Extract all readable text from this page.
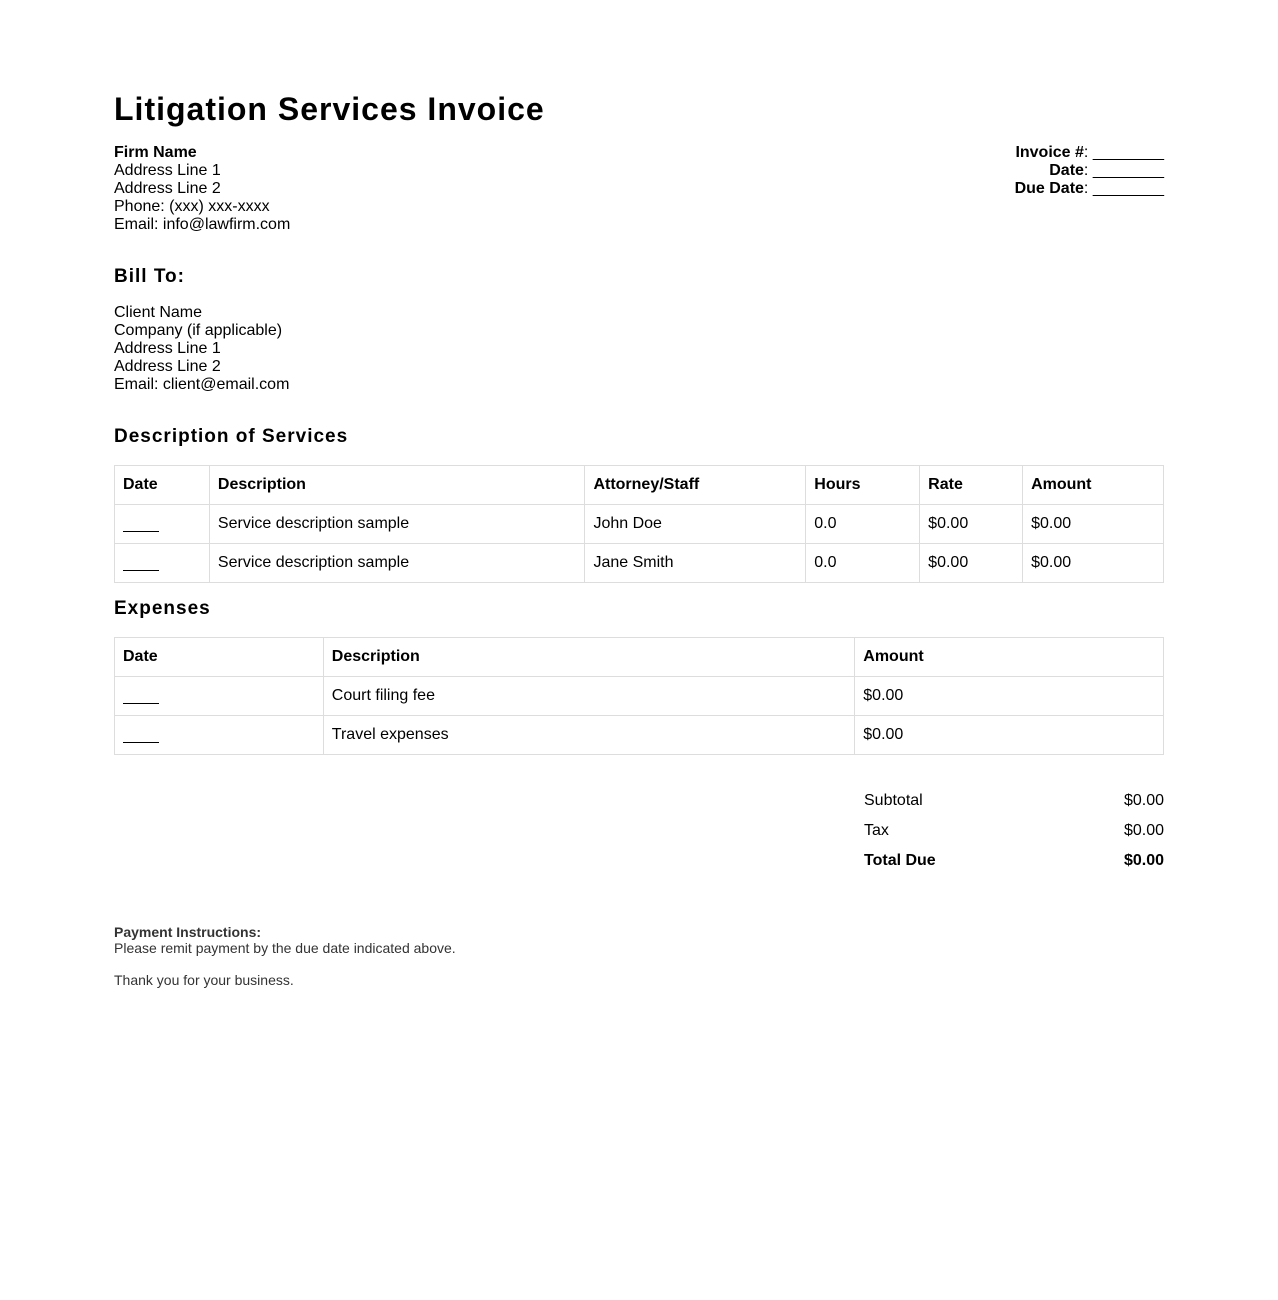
Litigation Services Invoice
Firm Name
Address Line 1
Address Line 2
Phone: (xxx) xxx-xxxx
Email: info@lawfirm.com
Invoice #: ________
Date: ________
Due Date: ________
Bill To:
Client Name
Company (if applicable)
Address Line 1
Address Line 2
Email: client@email.com
Description of Services
Date	Description	Attorney/Staff	Hours	Rate	Amount
	Service description sample	John Doe	0.0	$0.00	$0.00
	Service description sample	Jane Smith	0.0	$0.00	$0.00
Expenses
Date	Description	Amount
	Court filing fee	$0.00
	Travel expenses	$0.00
Subtotal	$0.00
Tax	$0.00
Total Due	$0.00
Payment Instructions:
Please remit payment by the due date indicated above.
Thank you for your business.
